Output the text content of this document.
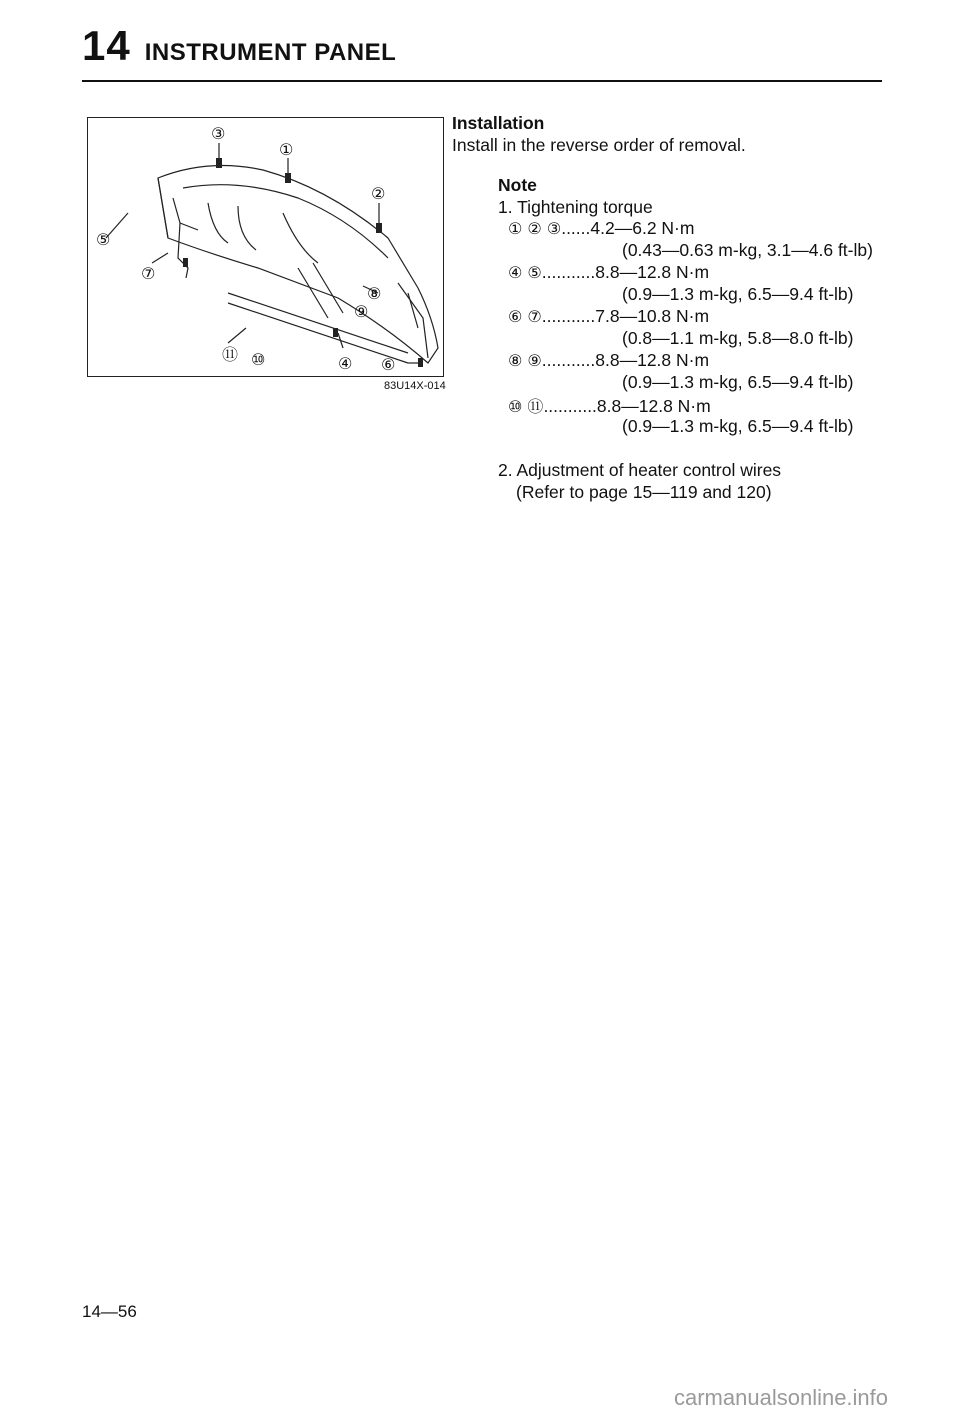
14 INSTRUMENT PANEL
③
①
②
⑤
⑦
⑧
⑨
⑪ ⑩	④ ⑥
83U14X-014
Installation
Install in the reverse order of removal.
Note
1. Tightening torque
① ② ③......4.2—6.2 N·m
(0.43—0.63 m-kg, 3.1—4.6 ft-lb)
④ ⑤...........8.8—12.8 N·m
(0.9—1.3 m-kg, 6.5—9.4 ft-lb)
⑥ ⑦...........7.8—10.8 N·m
(0.8—1.1 m-kg, 5.8—8.0 ft-lb)
⑧ ⑨...........8.8—12.8 N·m
(0.9—1.3 m-kg, 6.5—9.4 ft-lb)
⑩ ⑪...........8.8—12.8 N·m
(0.9—1.3 m-kg, 6.5—9.4 ft-lb)
2. Adjustment of heater control wires
(Refer to page 15—119 and 120)
14—56
carmanualsonline.info
